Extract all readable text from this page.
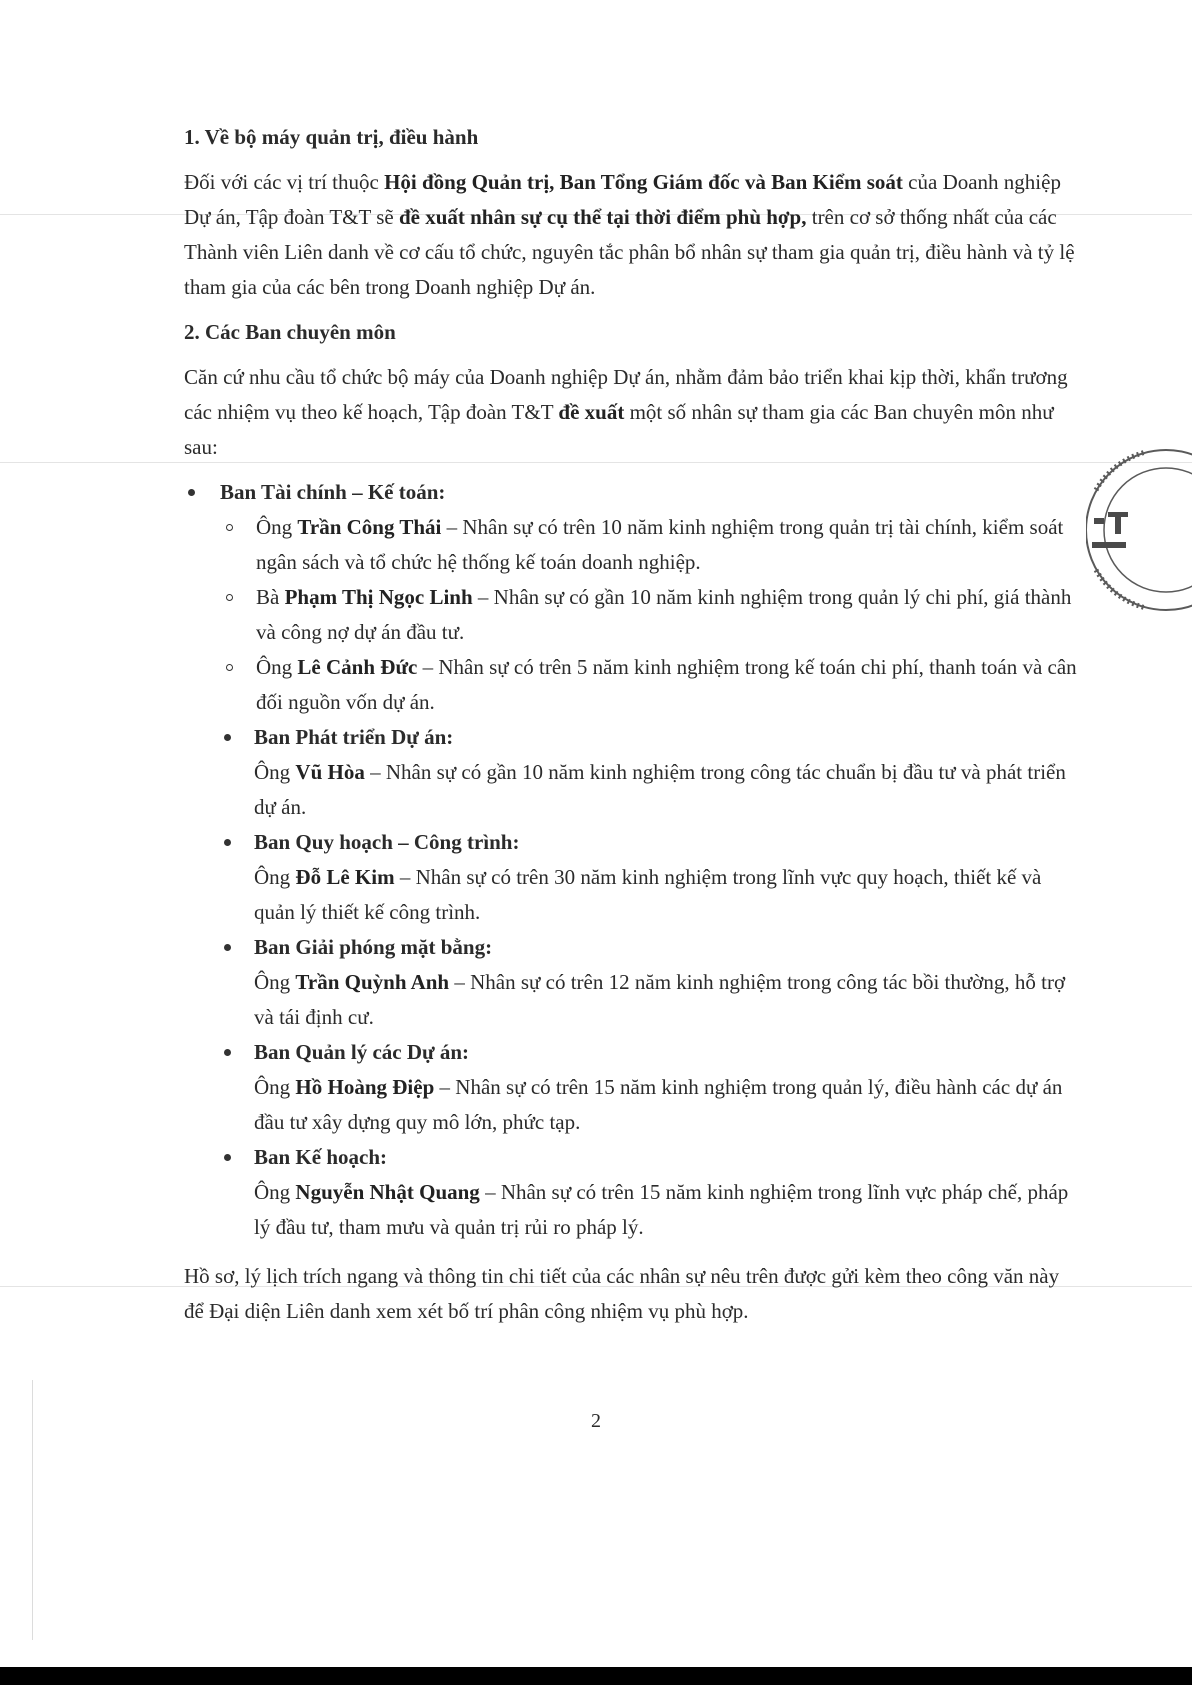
1. Về bộ máy quản trị, điều hành

Đối với các vị trí thuộc Hội đồng Quản trị, Ban Tổng Giám đốc và Ban Kiểm soát của Doanh nghiệp Dự án, Tập đoàn T&T sẽ đề xuất nhân sự cụ thể tại thời điểm phù hợp, trên cơ sở thống nhất của các Thành viên Liên danh về cơ cấu tổ chức, nguyên tắc phân bổ nhân sự tham gia quản trị, điều hành và tỷ lệ tham gia của các bên trong Doanh nghiệp Dự án.

2. Các Ban chuyên môn

Căn cứ nhu cầu tổ chức bộ máy của Doanh nghiệp Dự án, nhằm đảm bảo triển khai kịp thời, khẩn trương các nhiệm vụ theo kế hoạch, Tập đoàn T&T đề xuất một số nhân sự tham gia các Ban chuyên môn như sau:

Ban Tài chính – Kế toán:
Ông Trần Công Thái – Nhân sự có trên 10 năm kinh nghiệm trong quản trị tài chính, kiểm soát ngân sách và tổ chức hệ thống kế toán doanh nghiệp.
Bà Phạm Thị Ngọc Linh – Nhân sự có gần 10 năm kinh nghiệm trong quản lý chi phí, giá thành và công nợ dự án đầu tư.
Ông Lê Cảnh Đức – Nhân sự có trên 5 năm kinh nghiệm trong kế toán chi phí, thanh toán và cân đối nguồn vốn dự án.
Ban Phát triển Dự án:
Ông Vũ Hòa – Nhân sự có gần 10 năm kinh nghiệm trong công tác chuẩn bị đầu tư và phát triển dự án.
Ban Quy hoạch – Công trình:
Ông Đỗ Lê Kim – Nhân sự có trên 30 năm kinh nghiệm trong lĩnh vực quy hoạch, thiết kế và quản lý thiết kế công trình.
Ban Giải phóng mặt bằng:
Ông Trần Quỳnh Anh – Nhân sự có trên 12 năm kinh nghiệm trong công tác bồi thường, hỗ trợ và tái định cư.
Ban Quản lý các Dự án:
Ông Hồ Hoàng Điệp – Nhân sự có trên 15 năm kinh nghiệm trong quản lý, điều hành các dự án đầu tư xây dựng quy mô lớn, phức tạp.
Ban Kế hoạch:
Ông Nguyễn Nhật Quang – Nhân sự có trên 15 năm kinh nghiệm trong lĩnh vực pháp chế, pháp lý đầu tư, tham mưu và quản trị rủi ro pháp lý.

Hồ sơ, lý lịch trích ngang và thông tin chi tiết của các nhân sự nêu trên được gửi kèm theo công văn này để Đại diện Liên danh xem xét bố trí phân công nhiệm vụ phù hợp.

2
